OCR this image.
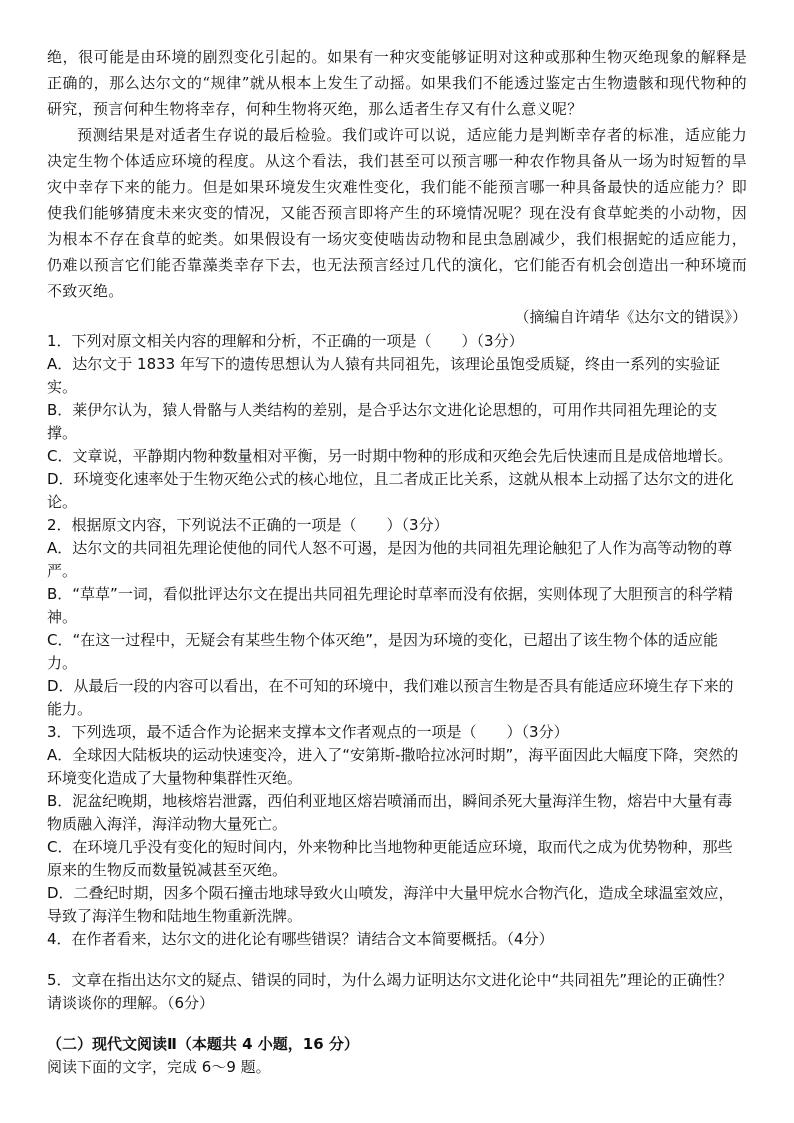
绝，很可能是由环境的剧烈变化引起的。如果有一种灾变能够证明对这种或那种生物灭绝现象的解释是正确的，那么达尔文的“规律”就从根本上发生了动摇。如果我们不能透过鉴定古生物遗骸和现代物种的研究，预言何种生物将幸存，何种生物将灭绝，那么适者生存又有什么意义呢？

预测结果是对适者生存说的最后检验。我们或许可以说，适应能力是判断幸存者的标准，适应能力决定生物个体适应环境的程度。从这个看法，我们甚至可以预言哪一种农作物具备从一场为时短暂的旱灾中幸存下来的能力。但是如果环境发生灾难性变化，我们能不能预言哪一种具备最快的适应能力？即使我们能够猜度未来灾变的情况，又能否预言即将产生的环境情况呢？现在没有食草蛇类的小动物，因为根本不存在食草的蛇类。如果假设有一场灾变使啮齿动物和昆虫急剧减少，我们根据蛇的适应能力，仍难以预言它们能否靠藻类幸存下去，也无法预言经过几代的演化，它们能否有机会创造出一种环境而不致灭绝。

（摘编自许靖华《达尔文的错误》）

1．下列对原文相关内容的理解和分析，不正确的一项是（　　）（3分）

A．达尔文于 1833 年写下的遗传思想认为人猿有共同祖先，该理论虽饱受质疑，终由一系列的实验证实。

B．莱伊尔认为，猿人骨骼与人类结构的差别，是合乎达尔文进化论思想的，可用作共同祖先理论的支撑。

C．文章说，平静期内物种数量相对平衡，另一时期中物种的形成和灭绝会先后快速而且是成倍地增长。

D．环境变化速率处于生物灭绝公式的核心地位，且二者成正比关系，这就从根本上动摇了达尔文的进化论。

2．根据原文内容，下列说法不正确的一项是（　　）（3分）

A．达尔文的共同祖先理论使他的同代人怒不可遏，是因为他的共同祖先理论触犯了人作为高等动物的尊严。

B．“草草”一词，看似批评达尔文在提出共同祖先理论时草率而没有依据，实则体现了大胆预言的科学精神。

C．“在这一过程中，无疑会有某些生物个体灭绝”，是因为环境的变化，已超出了该生物个体的适应能力。

D．从最后一段的内容可以看出，在不可知的环境中，我们难以预言生物是否具有能适应环境生存下来的能力。

3．下列选项，最不适合作为论据来支撑本文作者观点的一项是（　　）（3分）

A．全球因大陆板块的运动快速变冷，进入了“安第斯-撒哈拉冰河时期”，海平面因此大幅度下降，突然的环境变化造成了大量物种集群性灭绝。

B．泥盆纪晚期，地核熔岩泄露，西伯利亚地区熔岩喷涌而出，瞬间杀死大量海洋生物，熔岩中大量有毒物质融入海洋，海洋动物大量死亡。

C．在环境几乎没有变化的短时间内，外来物种比当地物种更能适应环境，取而代之成为优势物种，那些原来的生物反而数量锐减甚至灭绝。

D．二叠纪时期，因多个陨石撞击地球导致火山喷发，海洋中大量甲烷水合物汽化，造成全球温室效应，导致了海洋生物和陆地生物重新洗牌。

4．在作者看来，达尔文的进化论有哪些错误？请结合文本简要概括。（4分）

5．文章在指出达尔文的疑点、错误的同时，为什么竭力证明达尔文进化论中“共同祖先”理论的正确性？请谈谈你的理解。（6分）

（二）现代文阅读Ⅱ（本题共 4 小题，16 分）

阅读下面的文字，完成 6～9 题。
